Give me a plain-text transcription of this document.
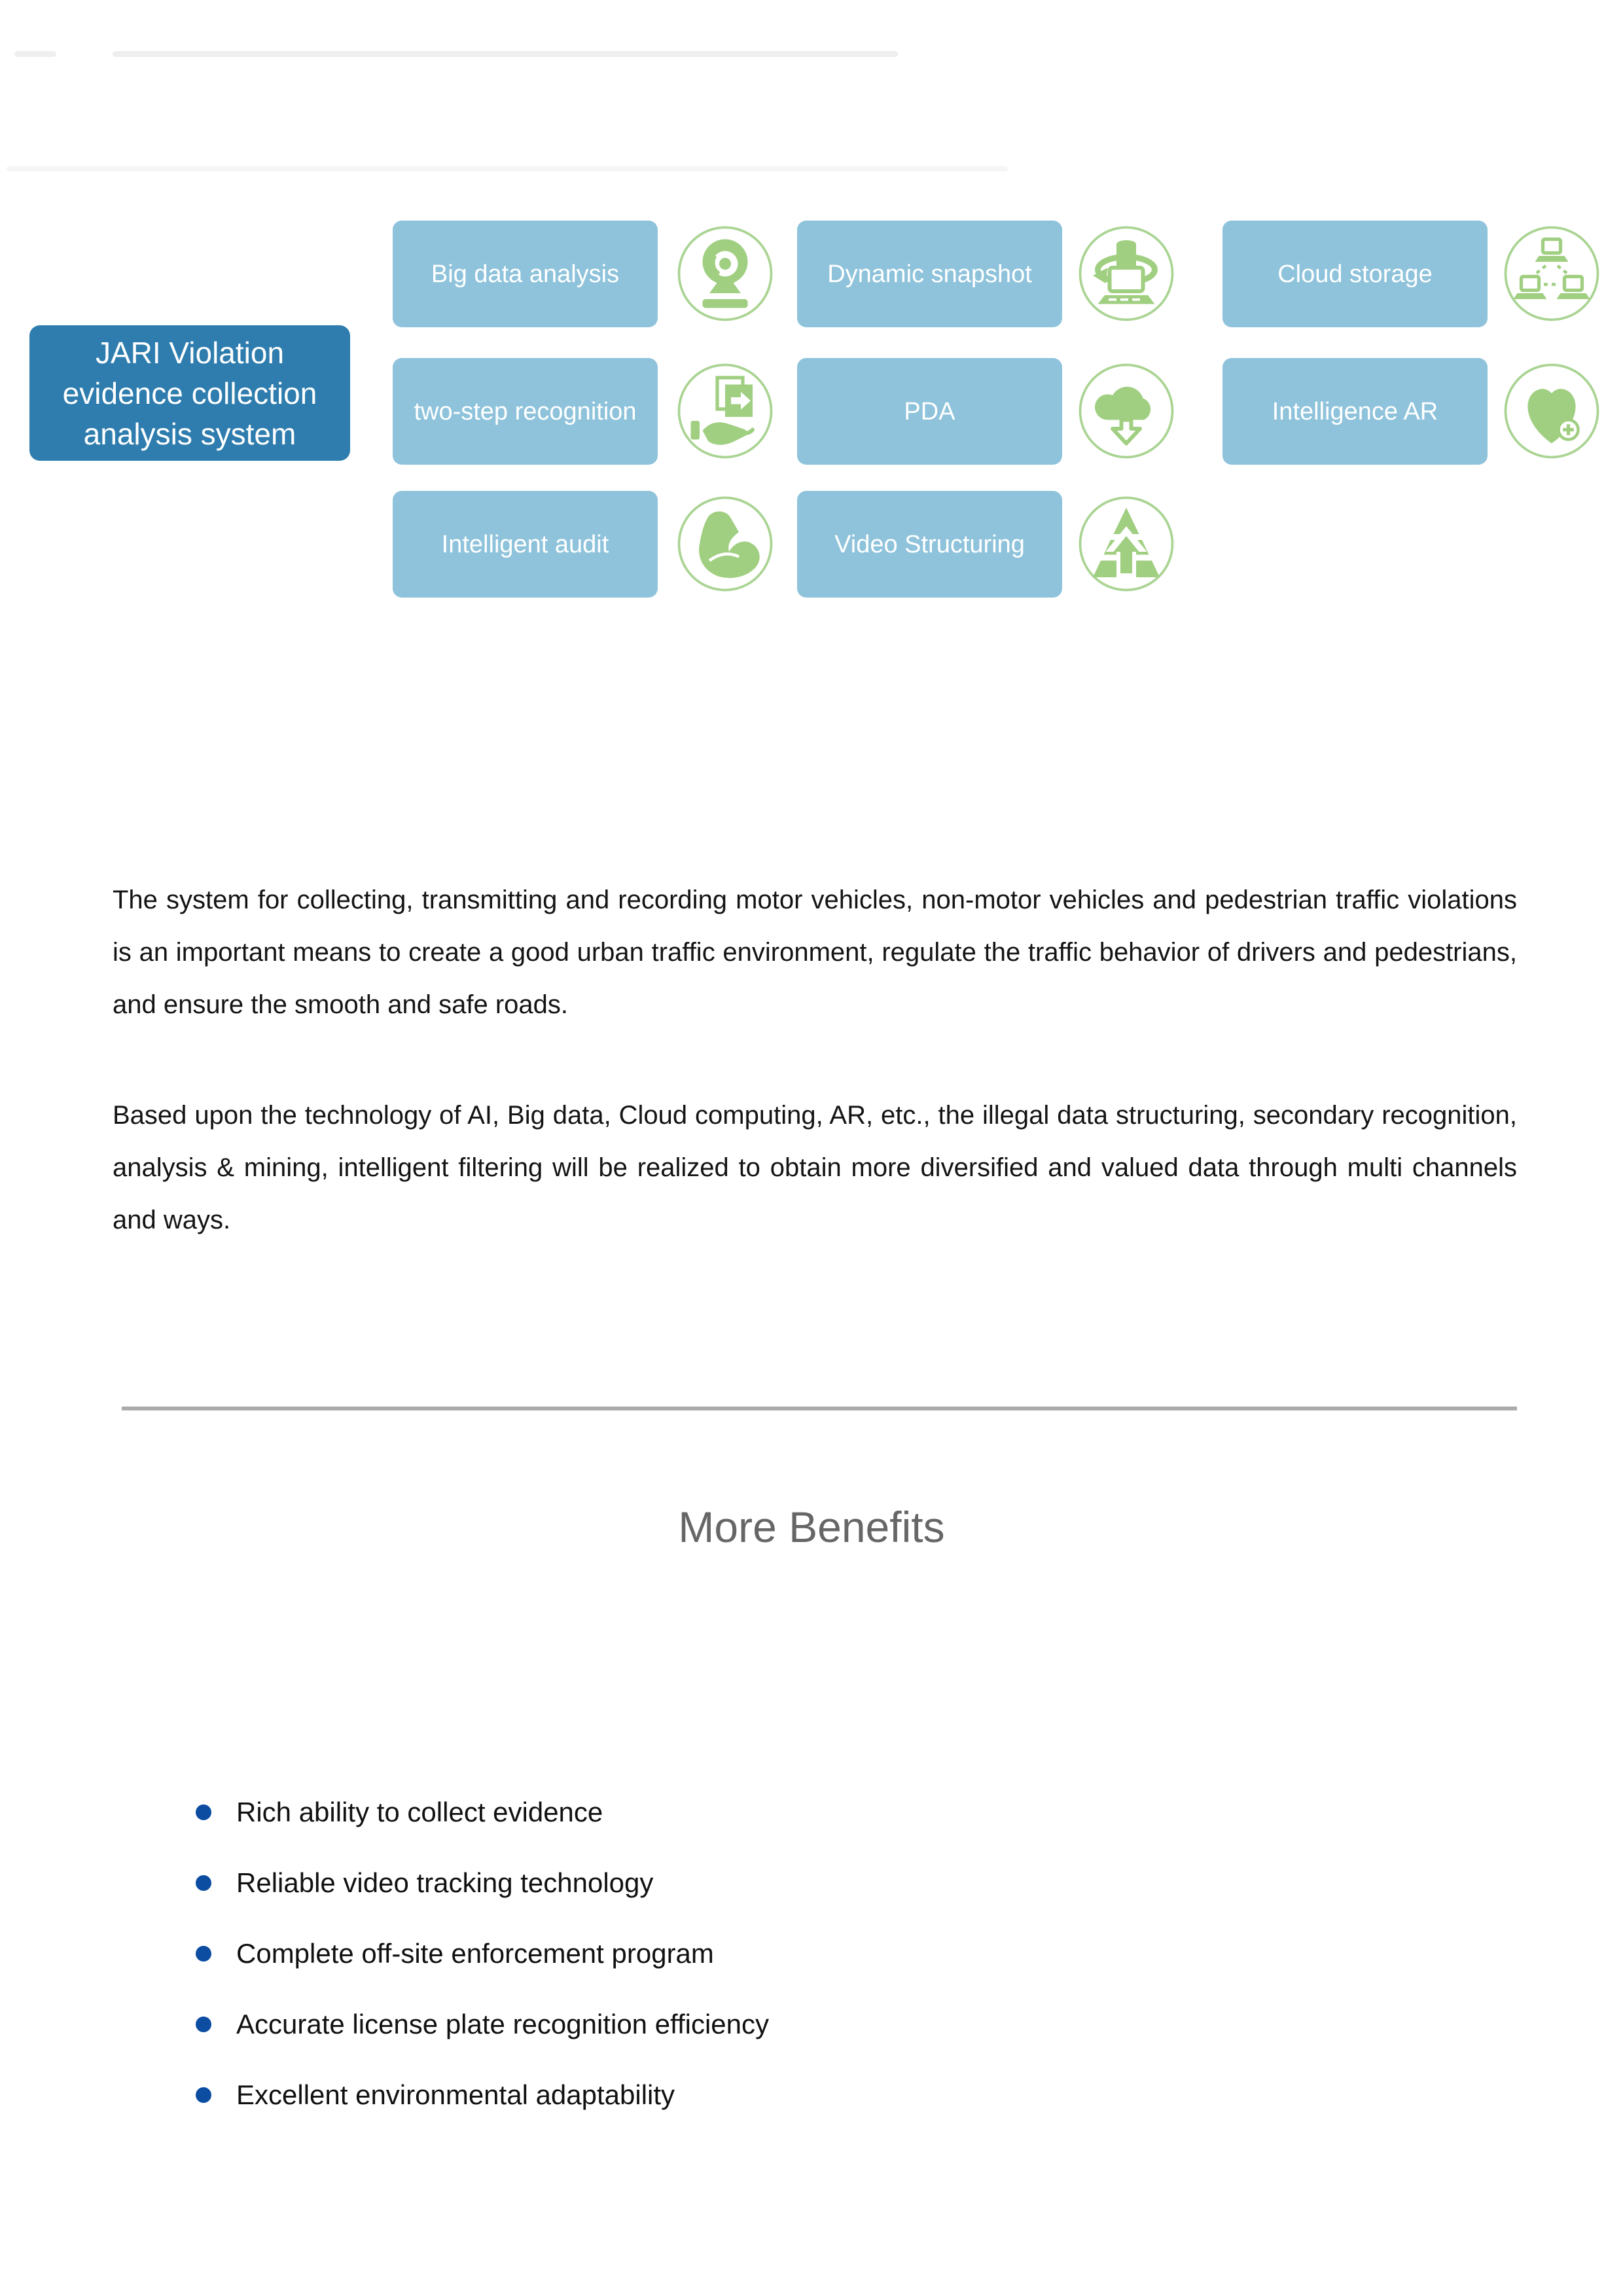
JARI Violation
evidence collection
analysis system
Big data analysis
two-step recognition
Intelligent audit
Dynamic snapshot
PDA
Video Structuring
Cloud storage
Intelligence AR

The system for collecting, transmitting and recording motor vehicles, non-motor vehicles and pedestrian traffic violations is an important means to create a good urban traffic environment, regulate the traffic behavior of drivers and pedestrians, and ensure the smooth and safe roads.

Based upon the technology of AI, Big data, Cloud computing, AR, etc., the illegal data structuring, secondary recognition, analysis & mining, intelligent filtering will be realized to obtain more diversified and valued data through multi channels and ways.

More Benefits
Rich ability to collect evidence
Reliable video tracking technology
Complete off-site enforcement program
Accurate license plate recognition efficiency
Excellent environmental adaptability
